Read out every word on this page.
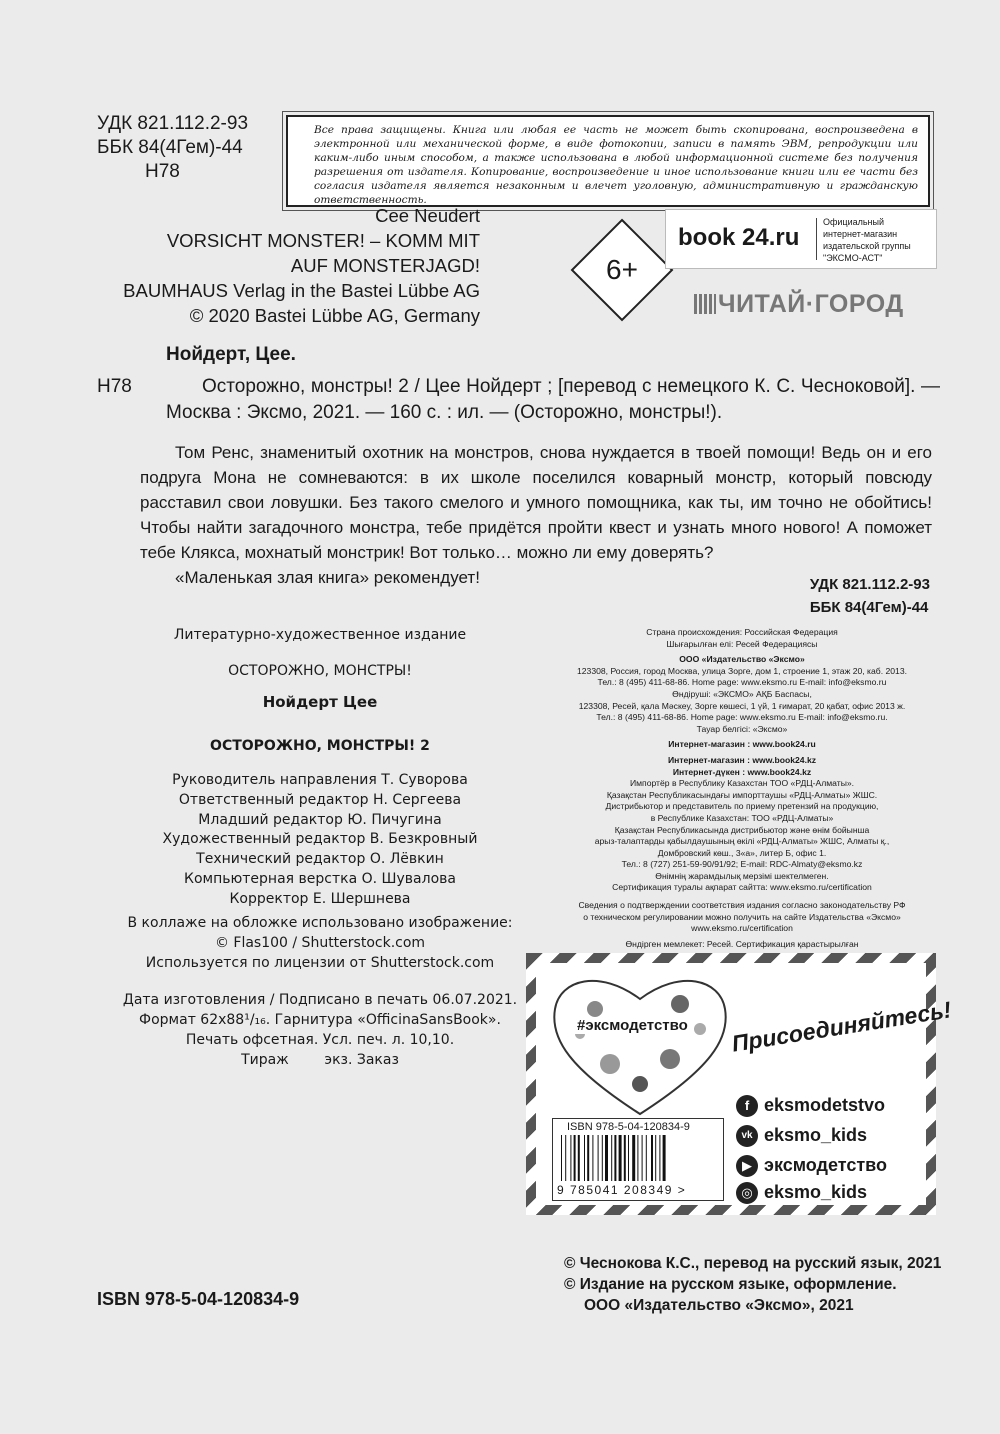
УДК 821.112.2-93
ББК 84(4Гем)-44
Н78
Все права защищены. Книга или любая ее часть не может быть скопирована, воспроизведена в электронной или механической форме, в виде фотокопии, записи в память ЭВМ, репродукции или каким-либо иным способом, а также использована в любой информационной системе без получения разрешения от издателя. Копирование, воспроизведение и иное использование книги или ее части без согласия издателя является незаконным и влечет уголовную, административную и гражданскую ответственность.
Cee Neudert
VORSICHT MONSTER! – KOMM MIT
AUF MONSTERJAGD!
BAUMHAUS Verlag in the Bastei Lübbe AG
© 2020 Bastei Lübbe AG, Germany
6+
book 24.ru
Официальный
интернет-магазин
издательской группы
"ЭКСМО-АСТ"
ЧИТАЙ·ГОРОД
Нойдерт, Цее.
Н78	Осторожно, монстры! 2 / Цее Нойдерт ; [перевод с немецкого К. С. Чесноковой]. — Москва : Эксмо, 2021. — 160 с. : ил. — (Осторожно, монстры!).

Том Ренс, знаменитый охотник на монстров, снова нуждается в твоей помощи! Ведь он и его подруга Мона не сомневаются: в их школе поселился коварный монстр, который повсюду расставил свои ловушки. Без такого смелого и умного помощника, как ты, им точно не обойтись! Чтобы найти загадочного монстра, тебе придётся пройти квест и узнать много нового! А поможет тебе Клякса, мохнатый монстрик! Вот только… можно ли ему доверять?

«Маленькая злая книга» рекомендует!	УДК 821.112.2-93
ББК 84(4Гем)-44
Литературно-художественное издание
ОСТОРОЖНО, МОНСТРЫ!
Нойдерт Цее
ОСТОРОЖНО, МОНСТРЫ! 2
Руководитель направления Т. Суворова
Ответственный редактор Н. Сергеева
Младший редактор Ю. Пичугина
Художественный редактор В. Безкровный
Технический редактор О. Лёвкин
Компьютерная верстка О. Шувалова
Корректор Е. Шершнева
В коллаже на обложке использовано изображение:
© Flas100 / Shutterstock.com
Используется по лицензии от Shutterstock.com
Дата изготовления / Подписано в печать 06.07.2021.
Формат 62х88¹/₁₆. Гарнитура «OfficinaSansBook».
Печать офсетная. Усл. печ. л. 10,10.
Тираж        экз. Заказ
Страна происхождения: Российская Федерация
Шығарылған елі: Ресей Федерациясы
ООО «Издательство «Эксмо»
123308, Россия, город Москва, улица Зорге, дом 1, строение 1, этаж 20, каб. 2013.
Тел.: 8 (495) 411-68-86. Home page: www.eksmo.ru E-mail: info@eksmo.ru
Өндіруші: «ЭКСМО» АҚБ Баспасы,
123308, Ресей, қала Мәскеу, Зорге көшесі, 1 үй, 1 ғимарат, 20 қабат, офис 2013 ж.
Тел.: 8 (495) 411-68-86. Home page: www.eksmo.ru E-mail: info@eksmo.ru.
Тауар белгісі: «Эксмо»
Интернет-магазин : www.book24.ru
Интернет-магазин : www.book24.kz
Интернет-дүкен : www.book24.kz
Импортёр в Республику Казахстан ТОО «РДЦ-Алматы».
Қазақстан Республикасындағы импорттаушы «РДЦ-Алматы» ЖШС.
Дистрибьютор и представитель по приему претензий на продукцию,
в Республике Казахстан: ТОО «РДЦ-Алматы»
Қазақстан Республикасында дистрибьютор және өнім бойынша
арыз-талаптарды қабылдаушының өкілі «РДЦ-Алматы» ЖШС, Алматы қ.,
Домбровский көш., 3«а», литер Б, офис 1.
Тел.: 8 (727) 251-59-90/91/92; E-mail: RDC-Almaty@eksmo.kz
Өнімнің жарамдылық мерзімі шектелмеген.
Сертификация туралы ақпарат сайтта: www.eksmo.ru/certification
Сведения о подтверждении соответствия издания согласно законодательству РФ
о техническом регулировании можно получить на сайте Издательства «Эксмо»
www.eksmo.ru/certification
Өндірген мемлекет: Ресей. Сертификация қарастырылған
#эксмодетство Присоединяйтесь!
f eksmodetstvo
vk eksmo_kids
▶ эксмодетство
◎ eksmo_kids
ISBN 978-5-04-120834-9
9 785041 208349 >
© Чеснокова К.С., перевод на русский язык, 2021
© Издание на русском языке, оформление.
ООО «Издательство «Эксмо», 2021
ISBN 978-5-04-120834-9
